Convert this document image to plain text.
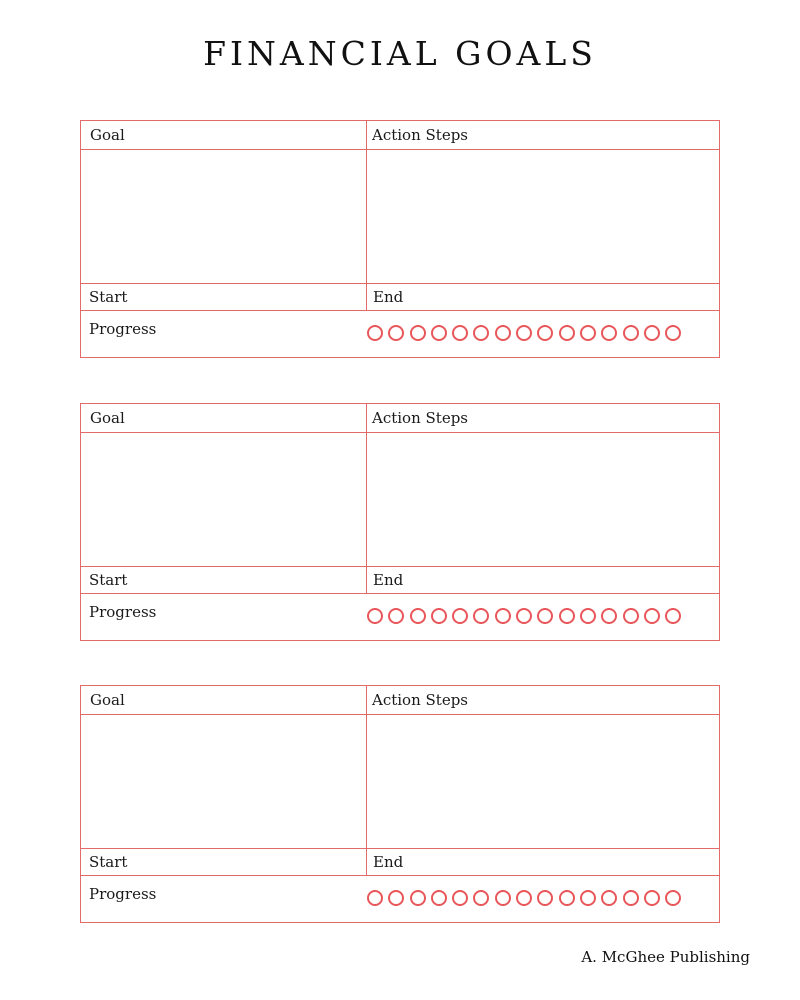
FINANCIAL GOALS
Goal	Action Steps
Start	End
Progress
Goal	Action Steps
Start	End
Progress
Goal	Action Steps
Start	End
Progress
A. McGhee Publishing
